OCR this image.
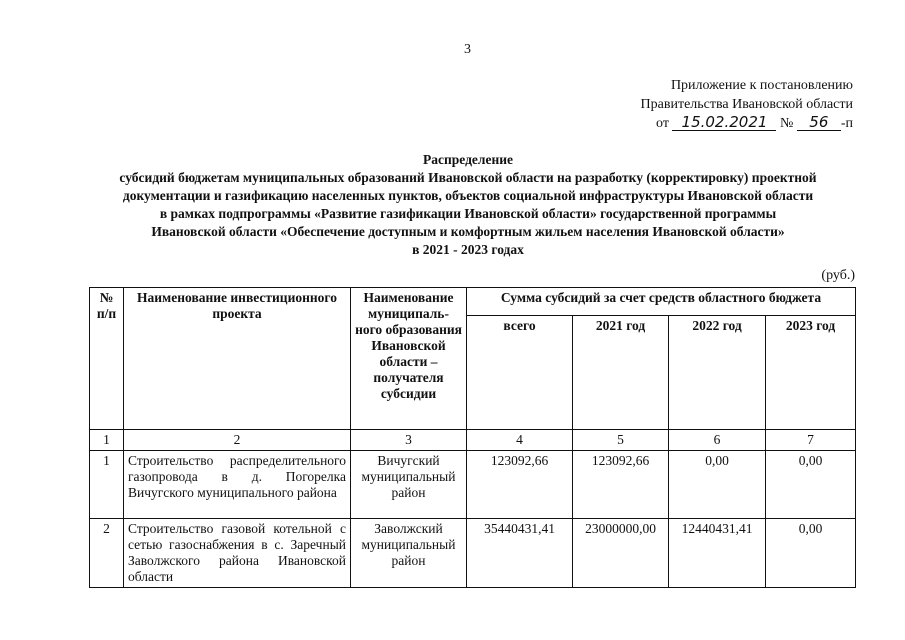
3
Приложение к постановлению
Правительства Ивановской области
от 15.02.2021 № 56 -п
Распределение
субсидий бюджетам муниципальных образований Ивановской области на разработку (корректировку) проектной
документации и газификацию населенных пунктов, объектов социальной инфраструктуры Ивановской области
в рамках подпрограммы «Развитие газификации Ивановской области» государственной программы
Ивановской области «Обеспечение доступным и комфортным жильем населения Ивановской области»
в 2021 - 2023 годах
(руб.)
№ п/п	Наименование инвестиционного проекта	Наименование муниципаль-ного образования Ивановской области – получателя субсидии	Сумма субсидий за счет средств областного бюджета			
			всего	2021 год	2022 год	2023 год
1	2	3	4	5	6	7
1	Строительство распределительного газопровода в д. Погорелка Вичугского муниципального района	Вичугский муниципальный район	123092,66	123092,66	0,00	0,00
2	Строительство газовой котельной с сетью газоснабжения в с. Заречный Заволжского района Ивановской области	Заволжский муниципальный район	35440431,41	23000000,00	12440431,41	0,00
